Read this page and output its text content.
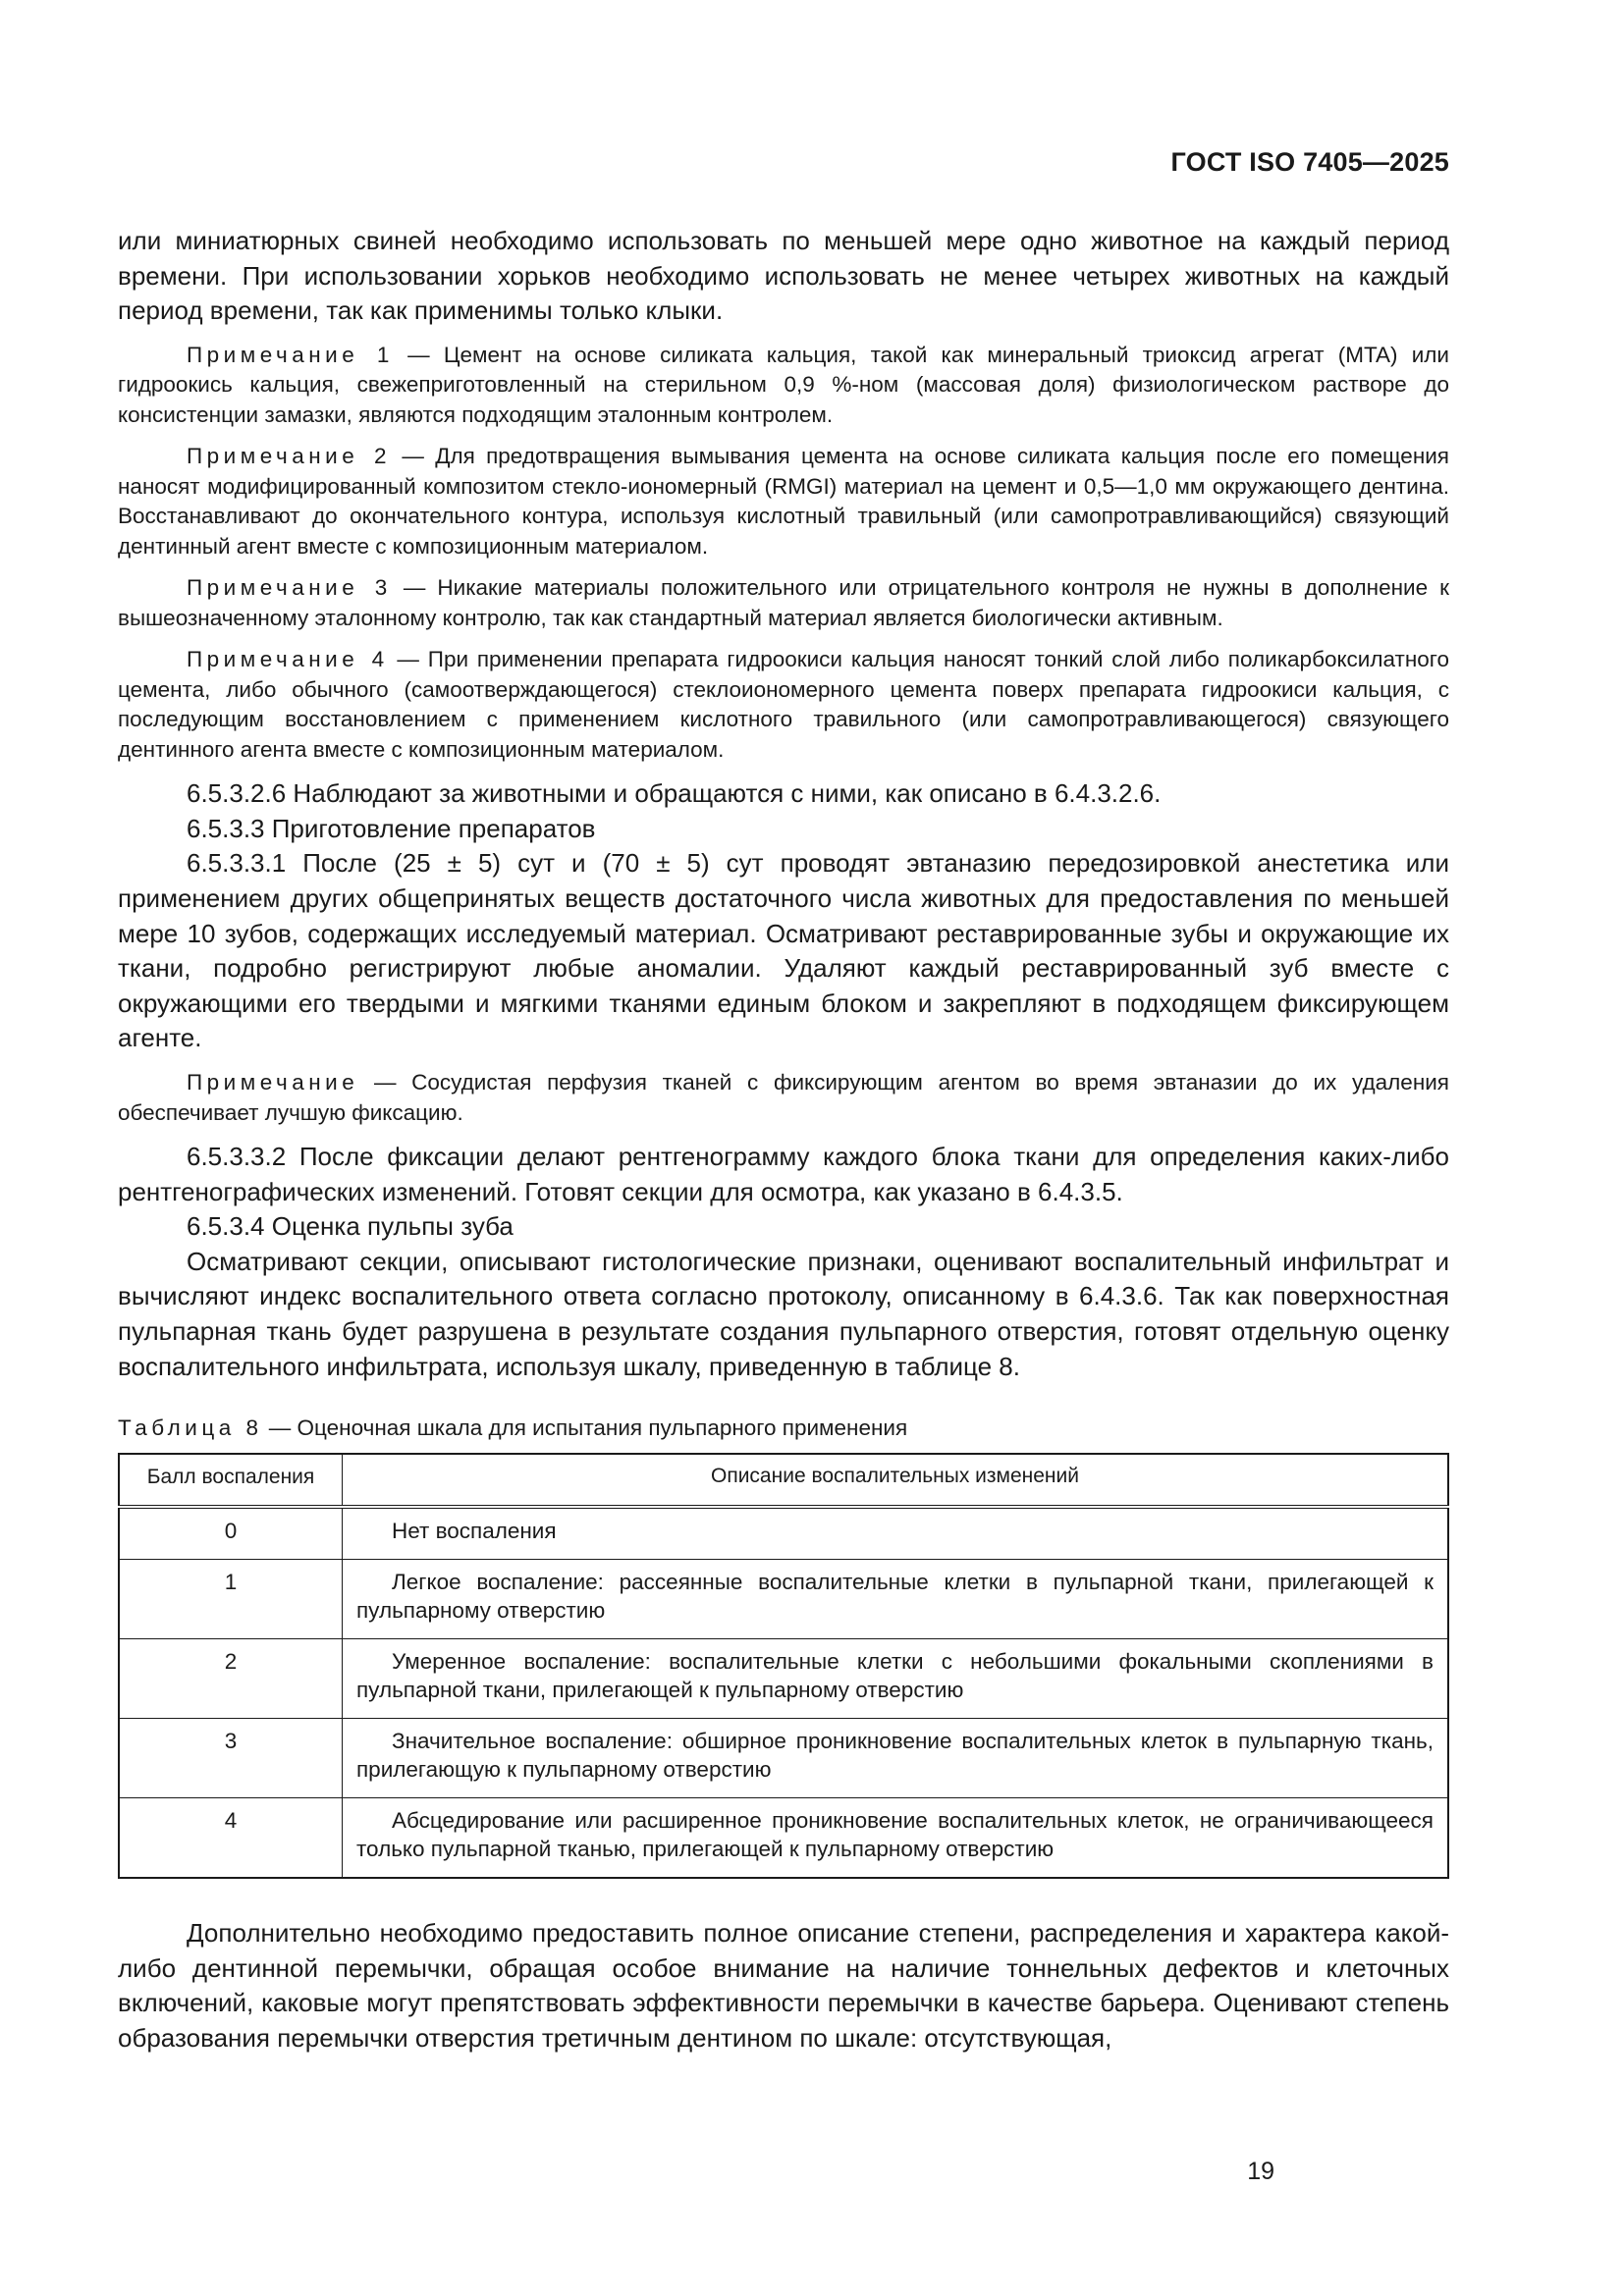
ГОСТ ISO 7405—2025

или миниатюрных свиней необходимо использовать по меньшей мере одно животное на каждый период времени. При использовании хорьков необходимо использовать не менее четырех животных на каждый период времени, так как применимы только клыки.

Примечание 1 — Цемент на основе силиката кальция, такой как минеральный триоксид агрегат (MTA) или гидроокись кальция, свежеприготовленный на стерильном 0,9 %-ном (массовая доля) физиологическом растворе до консистенции замазки, являются подходящим эталонным контролем.

Примечание 2 — Для предотвращения вымывания цемента на основе силиката кальция после его помещения наносят модифицированный композитом стекло-иономерный (RMGI) материал на цемент и 0,5—1,0 мм окружающего дентина. Восстанавливают до окончательного контура, используя кислотный травильный (или самопротравливающийся) связующий дентинный агент вместе с композиционным материалом.

Примечание 3 — Никакие материалы положительного или отрицательного контроля не нужны в дополнение к вышеозначенному эталонному контролю, так как стандартный материал является биологически активным.

Примечание 4 — При применении препарата гидроокиси кальция наносят тонкий слой либо поликарбоксилатного цемента, либо обычного (самоотверждающегося) стеклоиономерного цемента поверх препарата гидроокиси кальция, с последующим восстановлением с применением кислотного травильного (или самопротравливающегося) связующего дентинного агента вместе с композиционным материалом.

6.5.3.2.6 Наблюдают за животными и обращаются с ними, как описано в 6.4.3.2.6.

6.5.3.3 Приготовление препаратов

6.5.3.3.1 После (25 ± 5) сут и (70 ± 5) сут проводят эвтаназию передозировкой анестетика или применением других общепринятых веществ достаточного числа животных для предоставления по меньшей мере 10 зубов, содержащих исследуемый материал. Осматривают реставрированные зубы и окружающие их ткани, подробно регистрируют любые аномалии. Удаляют каждый реставрированный зуб вместе с окружающими его твердыми и мягкими тканями единым блоком и закрепляют в подходящем фиксирующем агенте.

Примечание — Сосудистая перфузия тканей с фиксирующим агентом во время эвтаназии до их удаления обеспечивает лучшую фиксацию.

6.5.3.3.2 После фиксации делают рентгенограмму каждого блока ткани для определения каких-либо рентгенографических изменений. Готовят секции для осмотра, как указано в 6.4.3.5.

6.5.3.4 Оценка пульпы зуба

Осматривают секции, описывают гистологические признаки, оценивают воспалительный инфильтрат и вычисляют индекс воспалительного ответа согласно протоколу, описанному в 6.4.3.6. Так как поверхностная пульпарная ткань будет разрушена в результате создания пульпарного отверстия, готовят отдельную оценку воспалительного инфильтрата, используя шкалу, приведенную в таблице 8.

Таблица 8 — Оценочная шкала для испытания пульпарного применения

Балл воспаления	Описание воспалительных изменений
0	Нет воспаления

1	Легкое воспаление: рассеянные воспалительные клетки в пульпарной ткани, прилегающей к пульпарному отверстию

2	Умеренное воспаление: воспалительные клетки с небольшими фокальными скоплениями в пульпарной ткани, прилегающей к пульпарному отверстию

3	Значительное воспаление: обширное проникновение воспалительных клеток в пульпарную ткань, прилегающую к пульпарному отверстию

4	Абсцедирование или расширенное проникновение воспалительных клеток, не ограничивающееся только пульпарной тканью, прилегающей к пульпарному отверстию

Дополнительно необходимо предоставить полное описание степени, распределения и характера какой-либо дентинной перемычки, обращая особое внимание на наличие тоннельных дефектов и клеточных включений, каковые могут препятствовать эффективности перемычки в качестве барьера. Оценивают степень образования перемычки отверстия третичным дентином по шкале: отсутствующая,

19
